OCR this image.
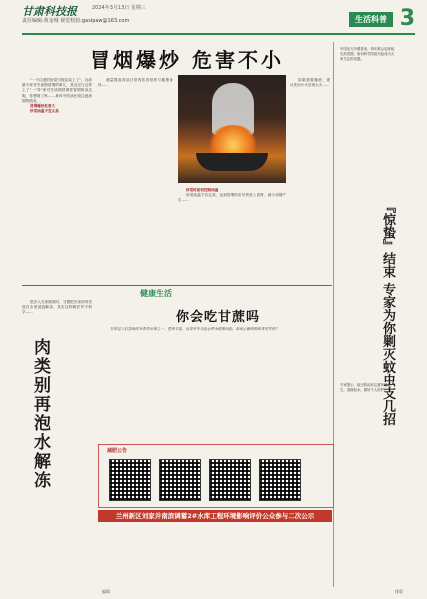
甘肃科技报	2024年3月13日 星期三
责任编辑:黄金城 视觉校验:gaslpaw@163.com	生活科普 3
冒烟爆炒 危害不小

"一不注意的炒菜引便急烧上了"，目前最专家对烹油烟冒烟的事儿，其全过与这样上了"一"导"家对烹油烟冒烟冒冒烟的身边呢，你想到了吗……身体中的油比较注意油烟的情况。

冒烟爆炒危害大

炒菜油温不宜太高

测量提高食品日常的饮食营养与健康身体……

炒菜时如何控制油温

炒菜油温不宜过高，达到冒烟时应尽快放入食材，减少油烟产生……

如果需要爆炒，建议先用小火后再大火……

中国北方冷暖春来，每年都会迎来蚊虫高发期，如何科学防蚊灭蚊成为大家关注的话题。

『惊蛰』结束 专家为你剿灭蚊虫支几招

专家提示，蚊虫防治应注重环境卫生，清除积水，做好个人防护。

健康生活
你会吃甘蔗吗
甘蔗是人们喜爱的冬春季水果之一，营养丰富，但食用不当也会带来健康风险。如何正确选购和食用甘蔗？

很多人在家做饭时，习惯把冷冻的肉类放在水里浸泡解冻，其实这种做法并不科学……

肉类别再泡水解冻	减肥公告
兰州新区刘家井南滨调蓄2#水库工程环境影响评价公众参与二次公示
编辑	排版
